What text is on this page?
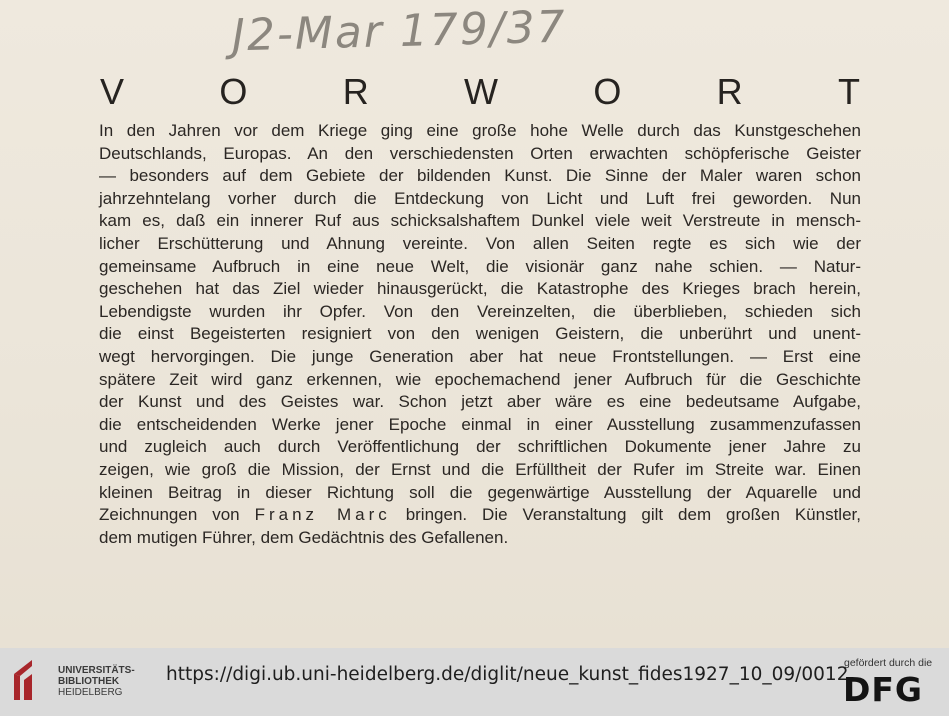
J2-Mar 179/37
V	O	R	W	O	R	T
In den Jahren vor dem Kriege ging eine große hohe Welle durch das Kunstgeschehen
Deutschlands, Europas. An den verschiedensten Orten erwachten schöpferische Geister
— besonders auf dem Gebiete der bildenden Kunst. Die Sinne der Maler waren schon
jahrzehntelang vorher durch die Entdeckung von Licht und Luft frei geworden. Nun
kam es, daß ein innerer Ruf aus schicksalshaftem Dunkel viele weit Verstreute in mensch-
licher Erschütterung und Ahnung vereinte. Von allen Seiten regte es sich wie der
gemeinsame Aufbruch in eine neue Welt, die visionär ganz nahe schien. — Natur-
geschehen hat das Ziel wieder hinausgerückt, die Katastrophe des Krieges brach herein,
Lebendigste wurden ihr Opfer. Von den Vereinzelten, die überblieben, schieden sich
die einst Begeisterten resigniert von den wenigen Geistern, die unberührt und unent-
wegt hervorgingen. Die junge Generation aber hat neue Frontstellungen. — Erst eine
spätere Zeit wird ganz erkennen, wie epochemachend jener Aufbruch für die Geschichte
der Kunst und des Geistes war. Schon jetzt aber wäre es eine bedeutsame Aufgabe,
die entscheidenden Werke jener Epoche einmal in einer Ausstellung zusammenzufassen
und zugleich auch durch Veröffentlichung der schriftlichen Dokumente jener Jahre zu
zeigen, wie groß die Mission, der Ernst und die Erfülltheit der Rufer im Streite war. Einen
kleinen Beitrag in dieser Richtung soll die gegenwärtige Ausstellung der Aquarelle und
Zeichnungen von Franz Marc bringen. Die Veranstaltung gilt dem großen Künstler,
dem mutigen Führer, dem Gedächtnis des Gefallenen.
UNIVERSITÄTS-
BIBLIOTHEK
HEIDELBERG
https://digi.ub.uni-heidelberg.de/diglit/neue_kunst_fides1927_10_09/0012
gefördert durch die
DFG
